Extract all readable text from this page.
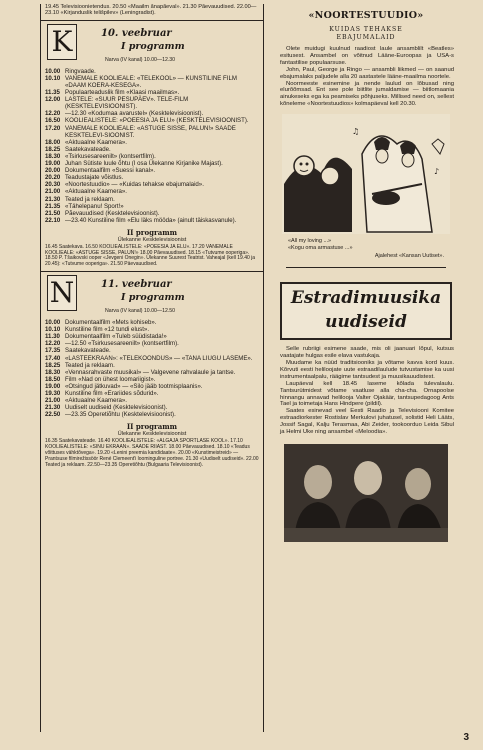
19.45 Televisioonietendus. 20.50 «Maailm ãnapãeval». 21.30 Pãevauudised. 22.00—23.10 «Kirjanduslik telišpilev» (Leningradist).
K	10. veebruar
I programm
Narva (IV kanal) 10.00—12.30
10.00 Ringvaade.
10.10 VANEMALE KOOLIEALE: «TELEKOOL» — KUNSTILINE FILM «DAAM KOERA-KESEGA».
11.35 Populaarteaduslik film «Klaasi maailmas».
12.00 LASTELE: «SUUR PESUPÄEV». TELE-FILM (KESKTELEVISIOONIST).
12.20 —12.30 «Kodumaa avarustel» (Kesktelevisioonist).
16.50 KOOLIEALISTELE: «POEESIA JA ELU» (KESKTELEVISIOONIST).
17.20 VANEMALE KOOLIEALE: «ASTUGE SISSE, PALUN!» SAADE KESKTELEVI-SIOONIST.
18.00 «Aktuaalne Kaamera».
18.25 Saatekavateade.
18.30 «Tsirkusesareenilt» (kontsertfilm).
19.00 Juhan Sütiste luule õhtu (I osa Ülekanne Kirjanike Majast).
20.00 Dokumentaalfilm «Suessi kanal».
20.20 Teadustajate võistlus.
20.30 «Noortestuudio» — «Kuidas tehakse ebajumalaid».
21.00 «Aktuaalne Kaamera».
21.30 Teated ja reklaam.
21.35 «Tähelepanu! Sport!»
21.50 Pãevauudised (Kesktelevisioonist).
22.10 —23.40 Kunstiline film «Elu läks mööda» (ainult täiskasvanule).
II programm
Ülekanne Kesktelevisioonist
16.45 Saatekava. 16.50 KOOLIEALISTELE: «POEESIA JA ELU». 17.20 VANEMALE KOOLIEALE: «ASTUGE SISSE, PALUN!» 18.00 Pãevauudised. 18.15 «Tutvume ooperiga». 18.50 P. Tšaikovski ooper «Jevgeni Onegin». Ülekanne Suurest Teatrist. Vaheajal (kell 19.40 ja 20.45): «Tutvume ooperiga». 21.50 Päevauudised.
N	11. veebruar
I programm
Narva (IV kanal) 10.00—12.50
10.00 Dokumentaalfilm «Mets kohiseb».
10.10 Kunstiline film «12 tundi elust».
11.30 Dokumentaalfilm «Tuleb süüdistada!»
12.20 —12.50 «Tsirkusesareenilt» (kontsertfilm).
17.35 Saatekavateade.
17.40 «LASTEEKRAAN»: «TELEKOONDUS» — «TANA LIUGU LASEME».
18.25 Teated ja reklaam.
18.30 «Vennasrahvaste muusikal» — Valgevene rahvalaule ja tantse.
18.50 Film «Nad on ühest loomariigist».
19.00 «Otsingud jätkuvad» — «Silo jääb tootmisplaanis».
19.30 Kunstiline film «Erariides sõdurid».
21.00 «Aktuaalne Kaamera».
21.30 Uudiselt uudiseid (Kesktelevisioonist).
22.50 —23.35 Operetiõhtu (Kesktelevisioonist).
II programm
Ülekanne Kesktelevisioonist
16.35 Saatekavateade. 16.40 KOOLIEALISTELE: «ALGAJA SPORTLASE KOOL». 17.10 KOOLIEALISTELE: «SINU EKRAAN». SAADE RIIAST. 18.00 Pãevauudised. 18.10 «Teadus võittuses vähktõvega». 19.20 «Lenini preemia kandidaate». 20.00 «Kunstimeistreid» — Prantsuse filmirežissöör René Clemeent'i loominguline portree. 21.30 «Uudiselt uudiseid». 22.00 Teated ja reklaam. 22.50—23.35 Operetiõhtu (Bulgaaria Televisioonist).
«NOORTESTUUDIO»
KUIDAS TEHAKSE
EBAJUMALAID
Olete muidugi kuulnud raadiost laule ansamblilt «Beatles» esitusest. Ansambel on võitnud Lääne-Euroopas ja USA-s fantastilise populaarsuse.
John, Paul, George ja Ringo — ansambli liikmed — on saanud ebajumalaks paljudele alla 20 aastastele lääne-maailma noortele.
Noormeeste esinemine ja nende laulud on lõbusad ning elurõõmsad. Ent see pole biitlite jumaldamise — biitlomaania ainukeseks ega ka peamiseks põhjuseks. Millised need on, sellest kõneleme «Noortestuudios» kolmapäeval kell 20.30.
♪
♫
«All my loving ...»
«Kogu oma armastuse ...»
Ajalehest «Kansan Uutiset».
Estradimuusika
uudiseid
Selle rubriigi esimene saade, mis oli jaanuari lõpul, kutsus vaatajate hulgas esile elava vastukaja.
Muudame ka nüüd traditsiooniks ja võtame kavva kord kuus. Kõrvuti eesti heliloojate uute estraadilaulude tutvustamise ka uusi instrumentaalpalu, räägime tantsudest ja muusikauudistest.
Laupäeval kell 18.45 laseme kõlada tulevalaulu. Tantsurütmidest võtame vaatluse alla cha-cha. Ornapoolse hinnangu annavad helilooja Valter Ojakäär, tantsupedagoog Ants Tael ja toimetaja Hans Hindpere (pildil).
Saates esinevad veel Eesti Raadio ja Televisiooni Komitee estraadiorkester Rostislav Merkulovi juhatusel, solistid Heli Lääts, Jossif Sagal, Kalju Terasmaa, Abi Zeider, tookoorduo Leida Sibul ja Helmi Uke ning ansambel «Meloodia».
3
